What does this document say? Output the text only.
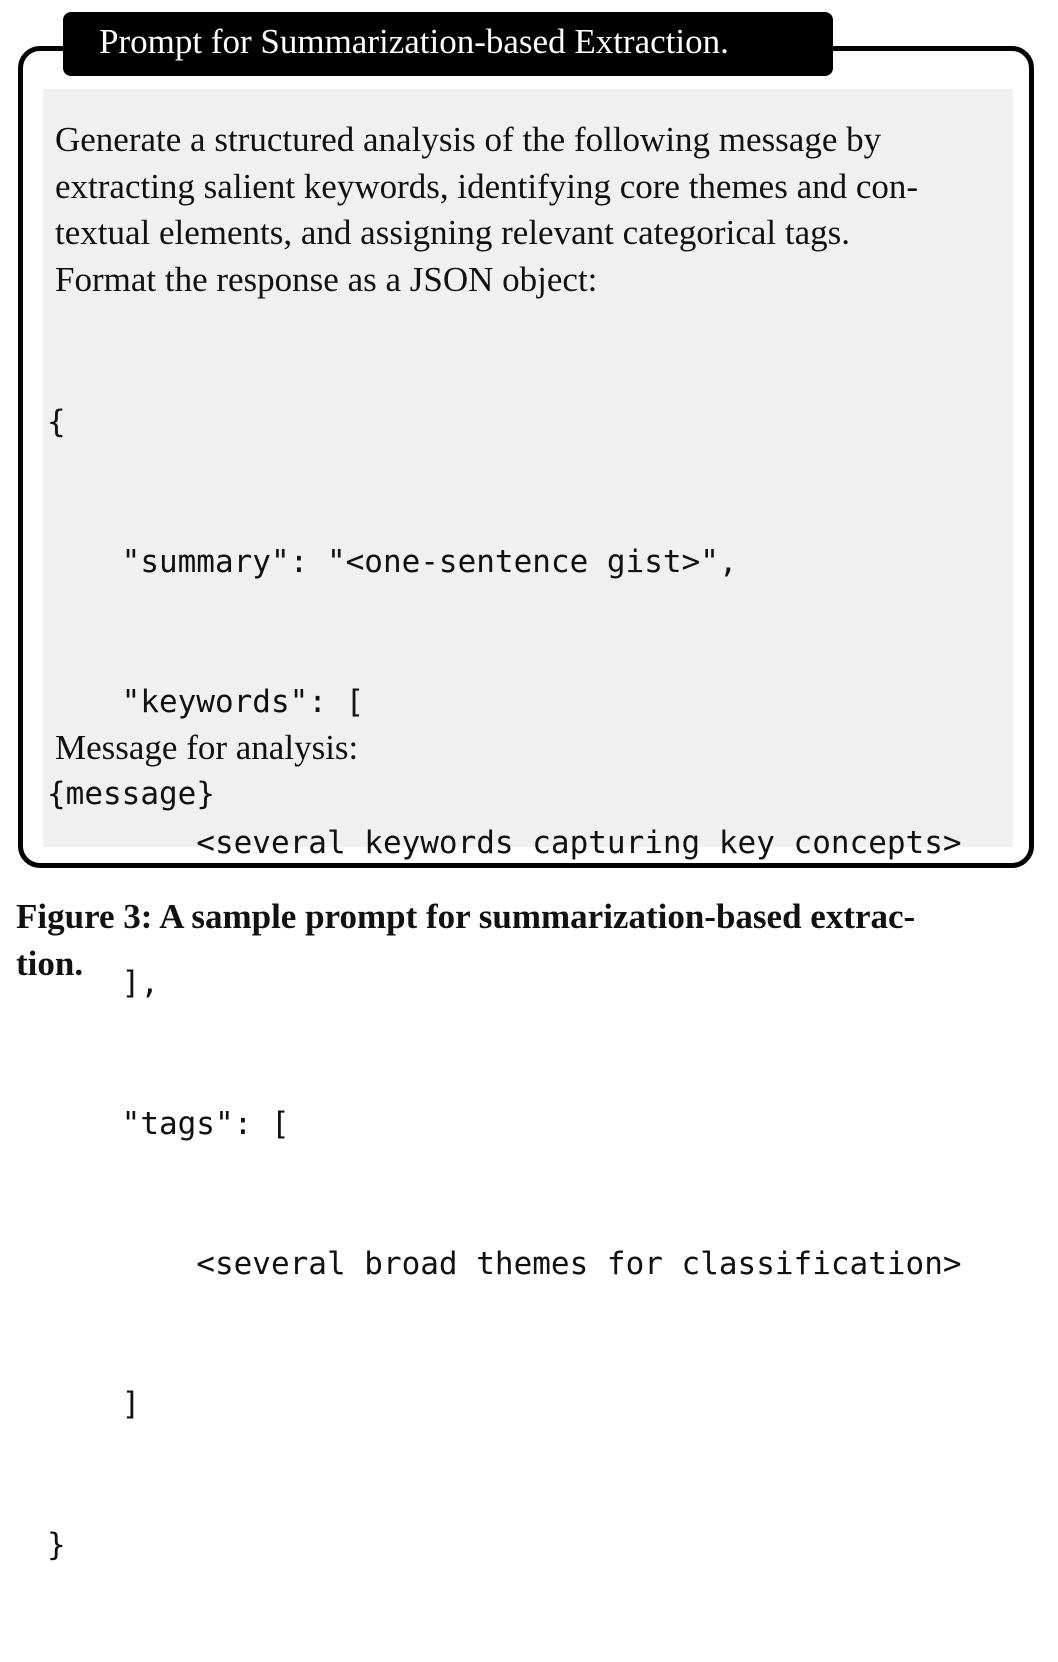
Prompt for Summarization-based Extraction.

Generate a structured analysis of the following message by
extracting salient keywords, identifying core themes and con-
textual elements, and assigning relevant categorical tags.
Format the response as a JSON object:

{

"summary": "<one-sentence gist>",

"keywords": [

<several keywords capturing key concepts>

],

"tags": [

<several broad themes for classification>

]

}

Message for analysis:

{message}

Figure 3: A sample prompt for summarization-based extrac-
tion.
